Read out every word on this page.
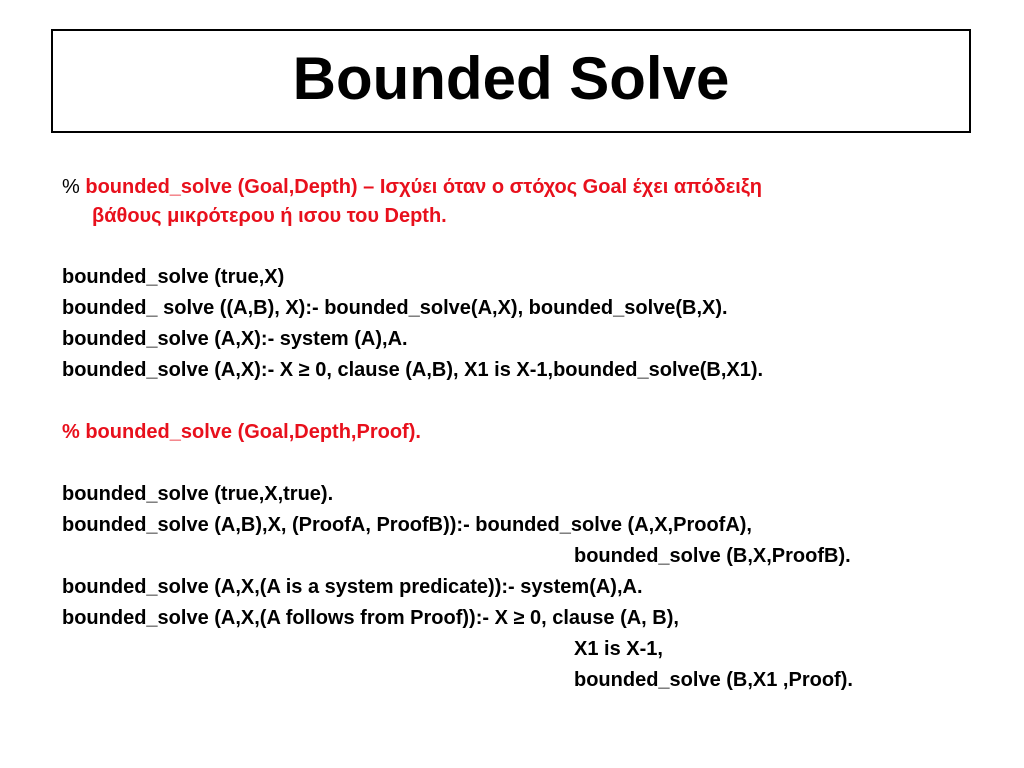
Bounded Solve
% bounded_solve (Goal,Depth) – Ισχύει όταν ο στόχος Goal έχει απόδειξη
βάθους μικρότερου ή ισου του Depth.
bounded_solve (true,X)
bounded_ solve ((A,B), X):- bounded_solve(A,X), bounded_solve(B,X).
bounded_solve (A,X):- system (A),A.
bounded_solve (A,X):- X ≥ 0, clause (A,B), X1 is X-1,bounded_solve(B,X1).
% bounded_solve (Goal,Depth,Proof).
bounded_solve (true,X,true).
bounded_solve (A,B),X, (ProofA, ProofB)):- bounded_solve (A,X,ProofA),
bounded_solve (B,X,ProofB).
bounded_solve (A,X,(A is a system predicate)):- system(A),A.
bounded_solve (A,X,(A follows from Proof)):- X ≥ 0, clause (A, B),
X1 is X-1,
bounded_solve (B,X1 ,Proof).
